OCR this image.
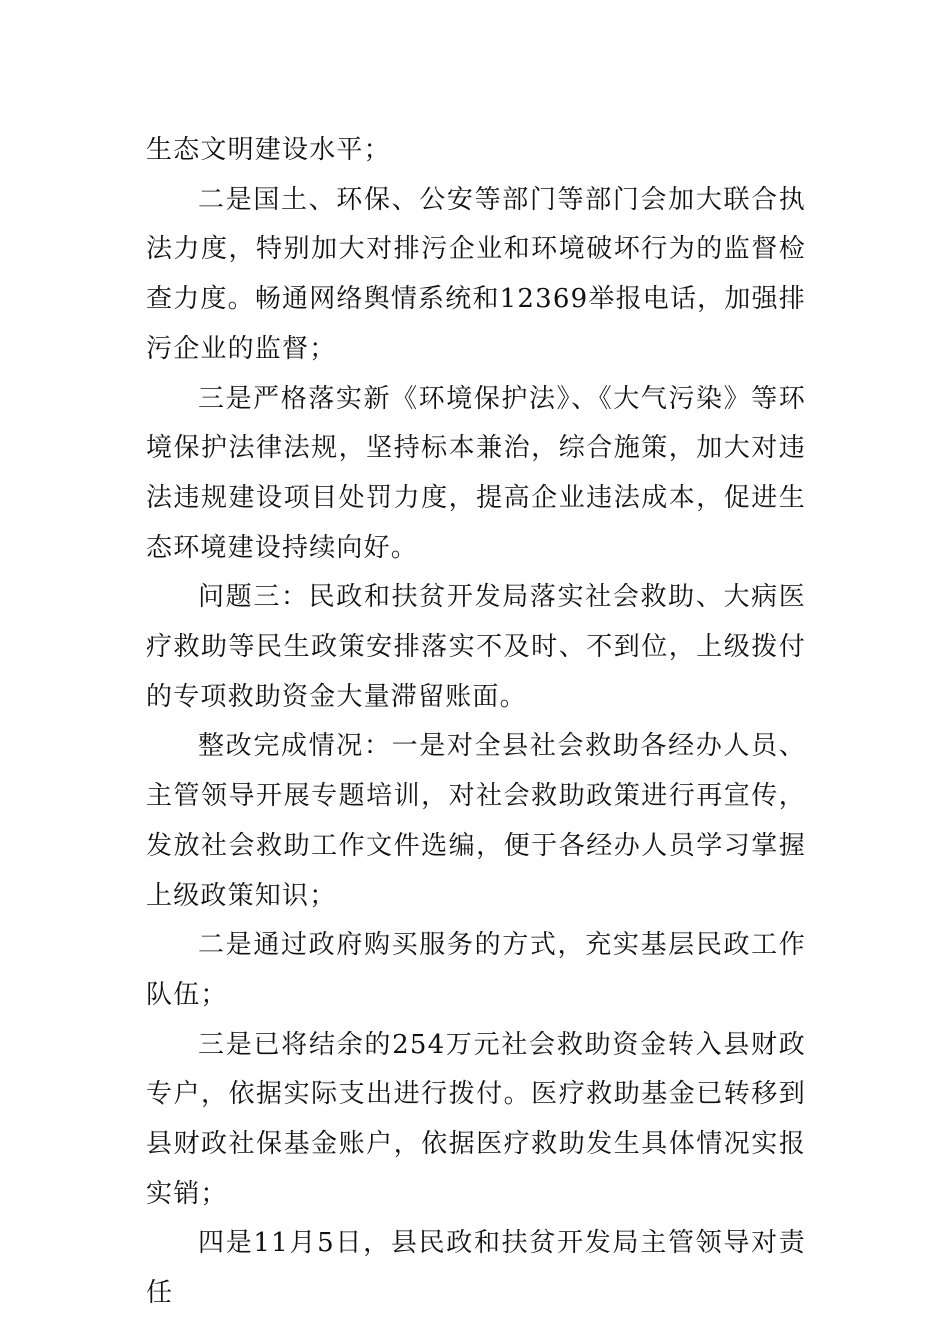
生态文明建设水平；

二是国土、环保、公安等部门等部门会加大联合执法力度，特别加大对排污企业和环境破坏行为的监督检查力度。畅通网络舆情系统和12369举报电话，加强排污企业的监督；

三是严格落实新《环境保护法》、《大气污染》等环境保护法律法规，坚持标本兼治，综合施策，加大对违法违规建设项目处罚力度，提高企业违法成本，促进生态环境建设持续向好。

问题三：民政和扶贫开发局落实社会救助、大病医疗救助等民生政策安排落实不及时、不到位，上级拨付的专项救助资金大量滞留账面。

整改完成情况：一是对全县社会救助各经办人员、主管领导开展专题培训，对社会救助政策进行再宣传，发放社会救助工作文件选编，便于各经办人员学习掌握上级政策知识；

二是通过政府购买服务的方式，充实基层民政工作队伍；

三是已将结余的254万元社会救助资金转入县财政专户，依据实际支出进行拨付。医疗救助基金已转移到县财政社保基金账户，依据医疗救助发生具体情况实报实销；

四是11月5日，县民政和扶贫开发局主管领导对责任
